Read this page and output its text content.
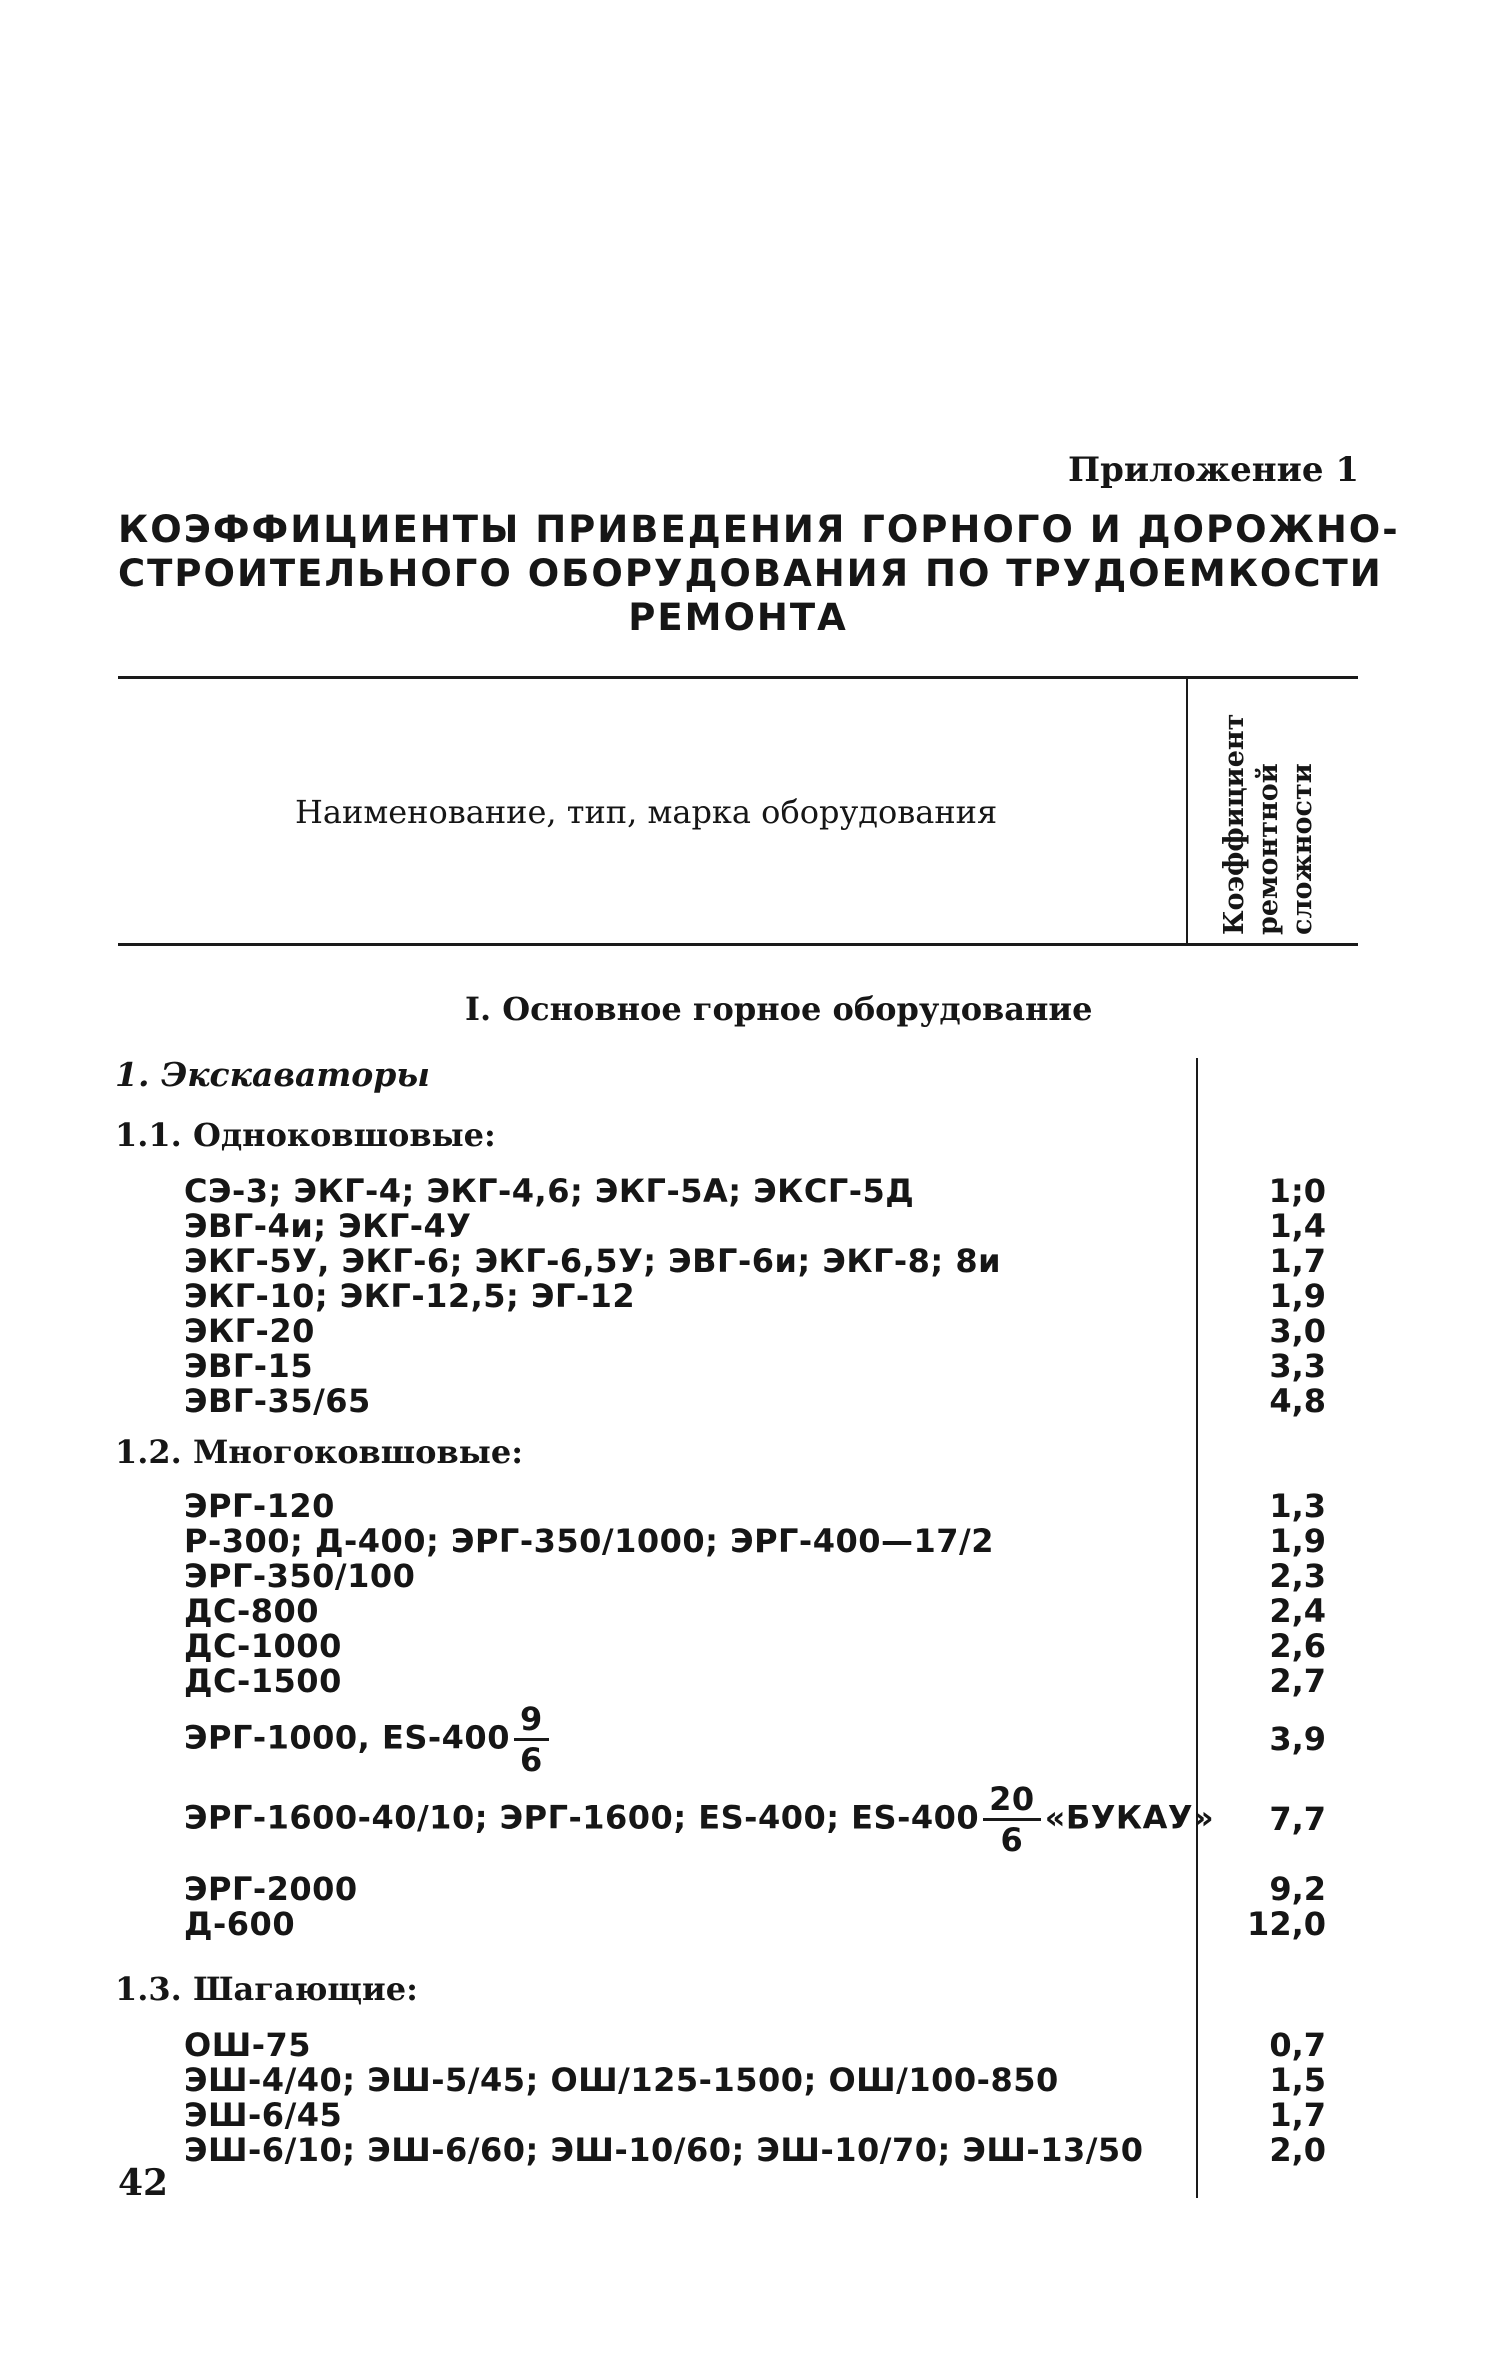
Приложение 1
КОЭФФИЦИЕНТЫ ПРИВЕДЕНИЯ ГОРНОГО И ДОРОЖНО-
СТРОИТЕЛЬНОГО ОБОРУДОВАНИЯ ПО ТРУДОЕМКОСТИ
РЕМОНТА
Наименование, тип, марка оборудования	Коэффициент ремонтной сложности
I. Основное горное оборудование
1. Экскаваторы
1.1. Одноковшовые:
СЭ-3; ЭКГ-4; ЭКГ-4,6; ЭКГ-5А; ЭКСГ-5Д	1;0
ЭВГ-4и; ЭКГ-4У	1,4
ЭКГ-5У, ЭКГ-6; ЭКГ-6,5У; ЭВГ-6и; ЭКГ-8; 8и	1,7
ЭКГ-10; ЭКГ-12,5; ЭГ-12	1,9
ЭКГ-20	3,0
ЭВГ-15	3,3
ЭВГ-35/65	4,8
1.2. Многоковшовые:
ЭРГ-120	1,3
Р-300; Д-400; ЭРГ-350/1000; ЭРГ-400—17/2	1,9
ЭРГ-350/100	2,3
ДС-800	2,4
ДС-1000	2,6
ДС-1500	2,7
ЭРГ-1000, $ES-400 \frac{9}{6}$	3,9
ЭРГ-1600-40/10; ЭРГ-1600; ES-400; $ES-400 \frac{20}{6}$ «БУКАУ» 7,7
ЭРГ-2000	9,2
Д-600	12,0
1.3. Шагающие:
ОШ-75	0,7
ЭШ-4/40; ЭШ-5/45; ОШ/125-1500; ОШ/100-850	1,5
ЭШ-6/45	1,7
ЭШ-6/10; ЭШ-6/60; ЭШ-10/60; ЭШ-10/70; ЭШ-13/50	2,0
42
